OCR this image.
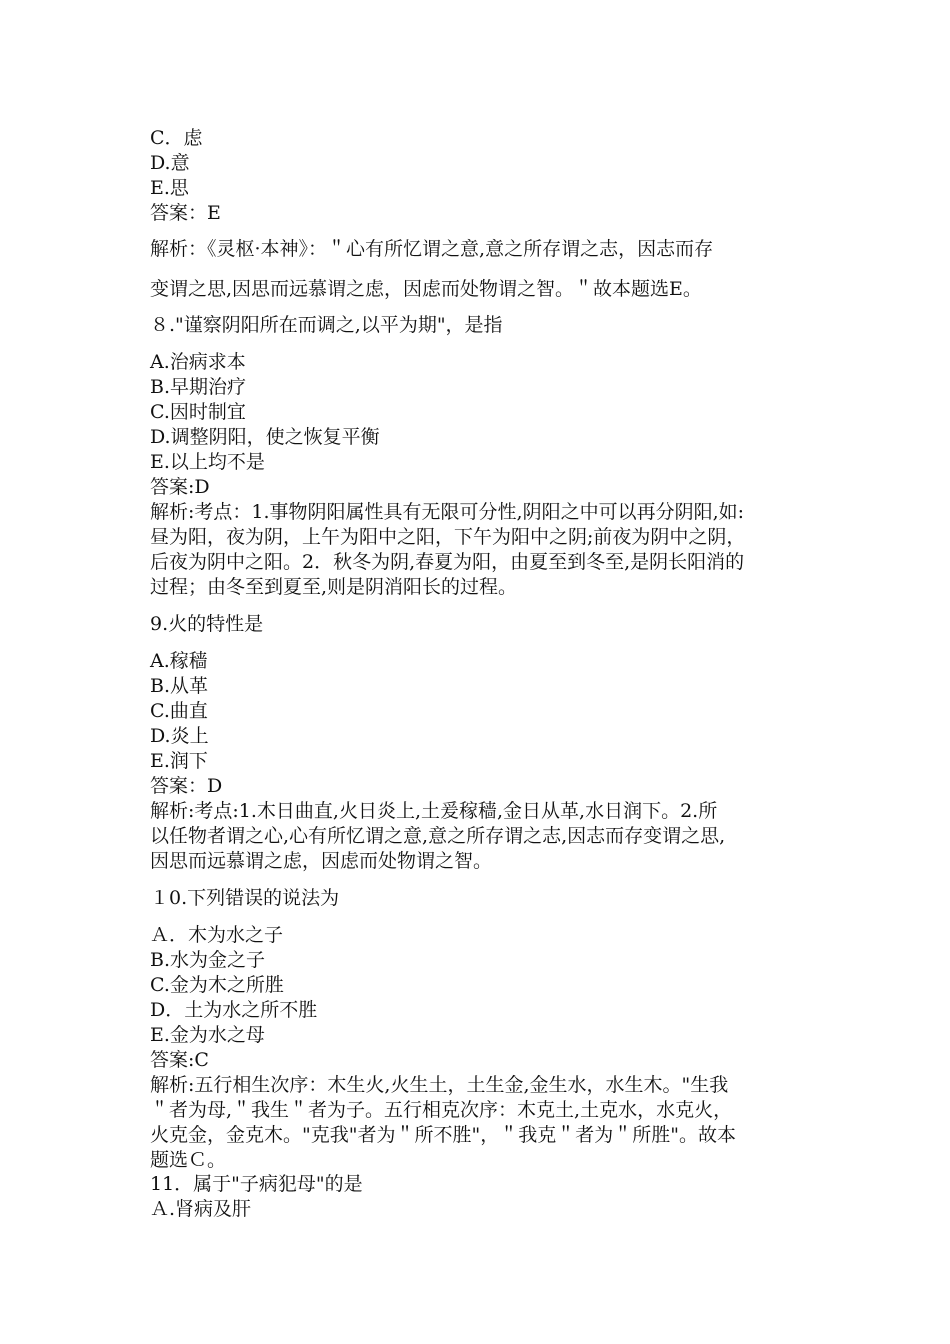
C．虑
D.意
E.思
答案：E
解析：《灵枢·本神》：＂心有所忆谓之意,意之所存谓之志，因志而存
变谓之思,因思而远慕谓之虑，因虑而处物谓之智。＂故本题选E。
８."谨察阴阳所在而调之,以平为期"，是指
A.治病求本
B.早期治疗
C.因时制宜
D.调整阴阳，使之恢复平衡
E.以上均不是
答案:D
解析:考点：1.事物阴阳属性具有无限可分性,阴阳之中可以再分阴阳,如:
昼为阳，夜为阴，上午为阳中之阳，下午为阳中之阴;前夜为阴中之阴，
后夜为阴中之阳。2．秋冬为阴,春夏为阳，由夏至到冬至,是阴长阳消的
过程；由冬至到夏至,则是阴消阳长的过程。
9.火的特性是
A.稼穑
B.从革
C.曲直
D.炎上
E.润下
答案：D
解析:考点:1.木日曲直,火日炎上,土爰稼穑,金日从革,水日润下。2.所
以任物者谓之心,心有所忆谓之意,意之所存谓之志,因志而存变谓之思,
因思而远慕谓之虑，因虑而处物谓之智。
１0.下列错误的说法为
Ａ．木为水之子
B.水为金之子
C.金为木之所胜
D．土为水之所不胜
E.金为水之母
答案:C
解析:五行相生次序：木生火,火生土，土生金,金生水，水生木。"生我
＂者为母,＂我生＂者为子。五行相克次序：木克土,土克水，水克火，
火克金，金克木。"克我"者为＂所不胜"，＂我克＂者为＂所胜"。故本
题选Ｃ。
11．属于"子病犯母"的是
Ａ.肾病及肝
